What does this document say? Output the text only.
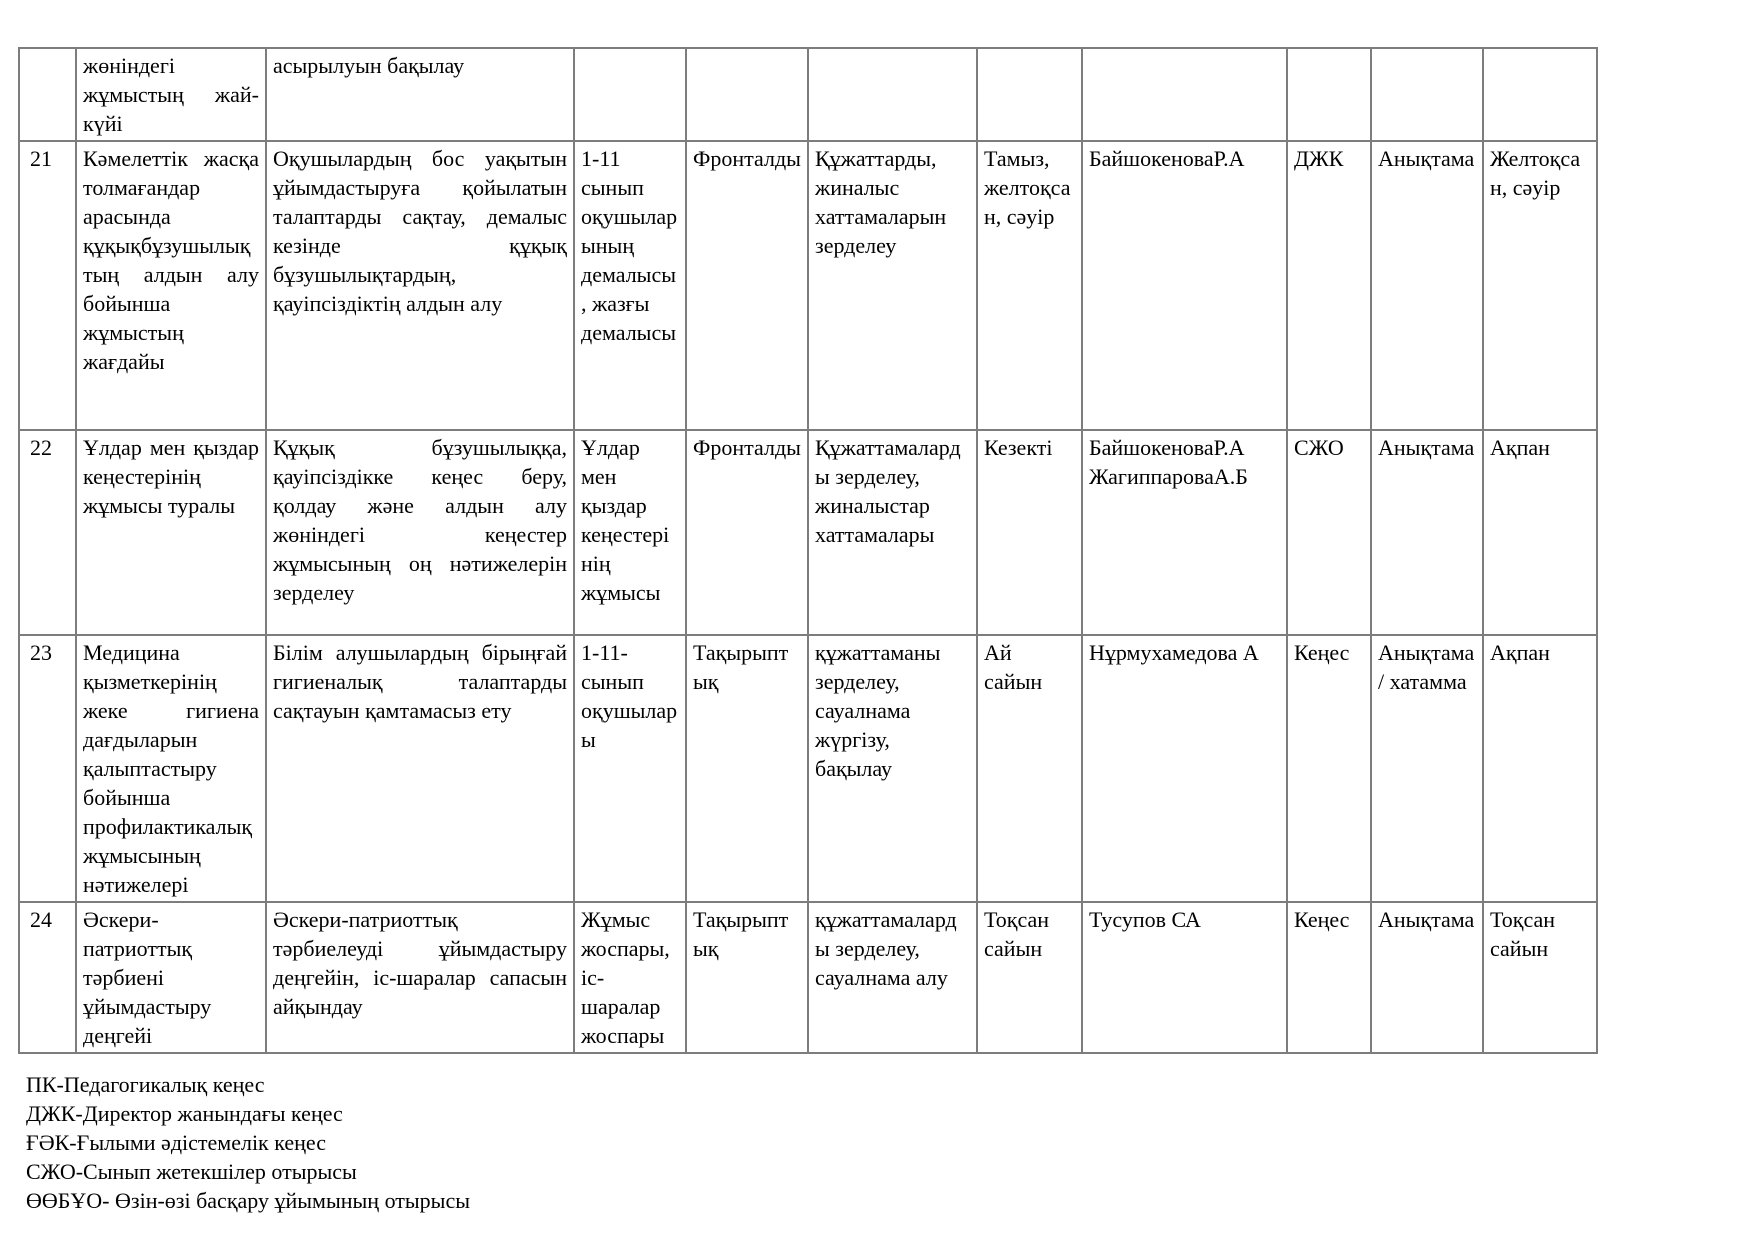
	жөніндегі жұмыстың жай-күйі	асырылуын бақылау								
21	Кәмелеттік жасқа толмағандар арасында құқықбұзушылықтың алдын алу бойынша жұмыстың жағдайы	Оқушылардың бос уақытын ұйымдастыруға қойылатын талаптарды сақтау, демалыс кезінде құқық бұзушылықтардың, қауіпсіздіктің алдын алу	1-11 сынып оқушыларының демалысы, жазғы демалысы	Фронталды	Құжаттарды, жиналыс хаттамаларын зерделеу	Тамыз, желтоқсан, сәуір	БайшокеноваР.А	ДЖК	Анықтама	Желтоқсан, сәуір
22	Ұлдар мен қыздар кеңестерінің жұмысы туралы	Құқық бұзушылыққа, қауіпсіздікке кеңес беру, қолдау және алдын алу жөніндегі кеңестер жұмысының оң нәтижелерін зерделеу	Ұлдар мен қыздар кеңестерінің жұмысы	Фронталды	Құжаттамаларды зерделеу, жиналыстар хаттамалары	Кезекті	БайшокеноваР.А ЖагиппароваА.Б	СЖО	Анықтама	Ақпан
23	Медицина қызметкерінің жеке гигиена дағдыларын қалыптастыру бойынша профилактикалық жұмысының нәтижелері	Білім алушылардың бірыңғай гигиеналық талаптарды сақтауын қамтамасыз ету	1-11-сынып оқушылары	Тақырыптық	құжаттаманы зерделеу, сауалнама жүргізу, бақылау	Ай сайын	Нұрмухамедова А	Кеңес	Анықтама / хатамма	Ақпан
24	Әскери-патриоттық тәрбиені ұйымдастыру деңгейі	Әскери-патриоттық тәрбиелеуді ұйымдастыру деңгейін, іс-шаралар сапасын айқындау	Жұмыс жоспары, іс-шаралар жоспары	Тақырыптық	құжаттамаларды зерделеу, сауалнама алу	Тоқсан сайын	Тусупов СА	Кеңес	Анықтама	Тоқсан сайын
ПК-Педагогикалық кеңес
ДЖК-Директор жанындағы кеңес
ҒӘК-Ғылыми әдістемелік кеңес
СЖО-Сынып жетекшілер отырысы
ӨӨБҰО- Өзін-өзі басқару ұйымының отырысы
